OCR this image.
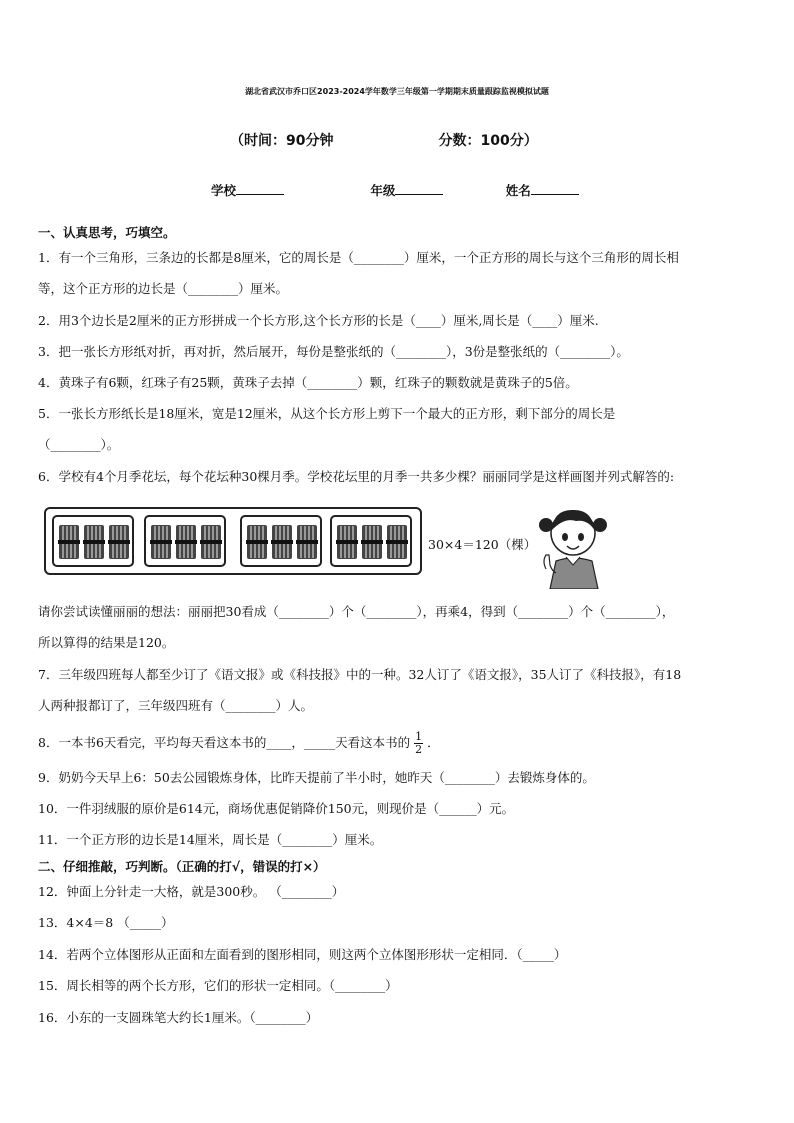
湖北省武汉市乔口区2023-2024学年数学三年级第一学期期末质量跟踪监视模拟试题
（时间：90分钟	分数：100分）
学校	年级	姓名
一、认真思考，巧填空。
1．有一个三角形，三条边的长都是8厘米，它的周长是（________）厘米，一个正方形的周长与这个三角形的周长相
等，这个正方形的边长是（________）厘米。
2．用3个边长是2厘米的正方形拼成一个长方形,这个长方形的长是（____）厘米,周长是（____）厘米.
3．把一张长方形纸对折，再对折，然后展开，每份是整张纸的（________），3份是整张纸的（________）。
4．黄珠子有6颗，红珠子有25颗，黄珠子去掉（________）颗，红珠子的颗数就是黄珠子的5倍。
5．一张长方形纸长是18厘米，宽是12厘米，从这个长方形上剪下一个最大的正方形，剩下部分的周长是
（________）。
6．学校有4个月季花坛，每个花坛种30棵月季。学校花坛里的月季一共多少棵？丽丽同学是这样画图并列式解答的:
30×4＝120（棵）
请你尝试读懂丽丽的想法：丽丽把30看成（________）个（________），再乘4，得到（________）个（________），
所以算得的结果是120。
7．三年级四班每人都至少订了《语文报》或《科技报》中的一种。32人订了《语文报》，35人订了《科技报》，有18
人两种报都订了，三年级四班有（________）人。
8．一本书6天看完，平均每天看这本书的____，_____天看这本书的 $\frac{1}{2}$ ．
9．奶奶今天早上6：50去公园锻炼身体，比昨天提前了半小时，她昨天（________）去锻炼身体的。
10．一件羽绒服的原价是614元，商场优惠促销降价150元，则现价是（______）元。
11．一个正方形的边长是14厘米，周长是（________）厘米。
二、仔细推敲，巧判断。（正确的打√，错误的打×）
12．钟面上分针走一大格，就是300秒。 （________）
13．4×4＝8 （_____）
14．若两个立体图形从正面和左面看到的图形相同，则这两个立体图形形状一定相同．（_____）
15．周长相等的两个长方形，它们的形状一定相同。（________）
16．小东的一支圆珠笔大约长1厘米。（________）
